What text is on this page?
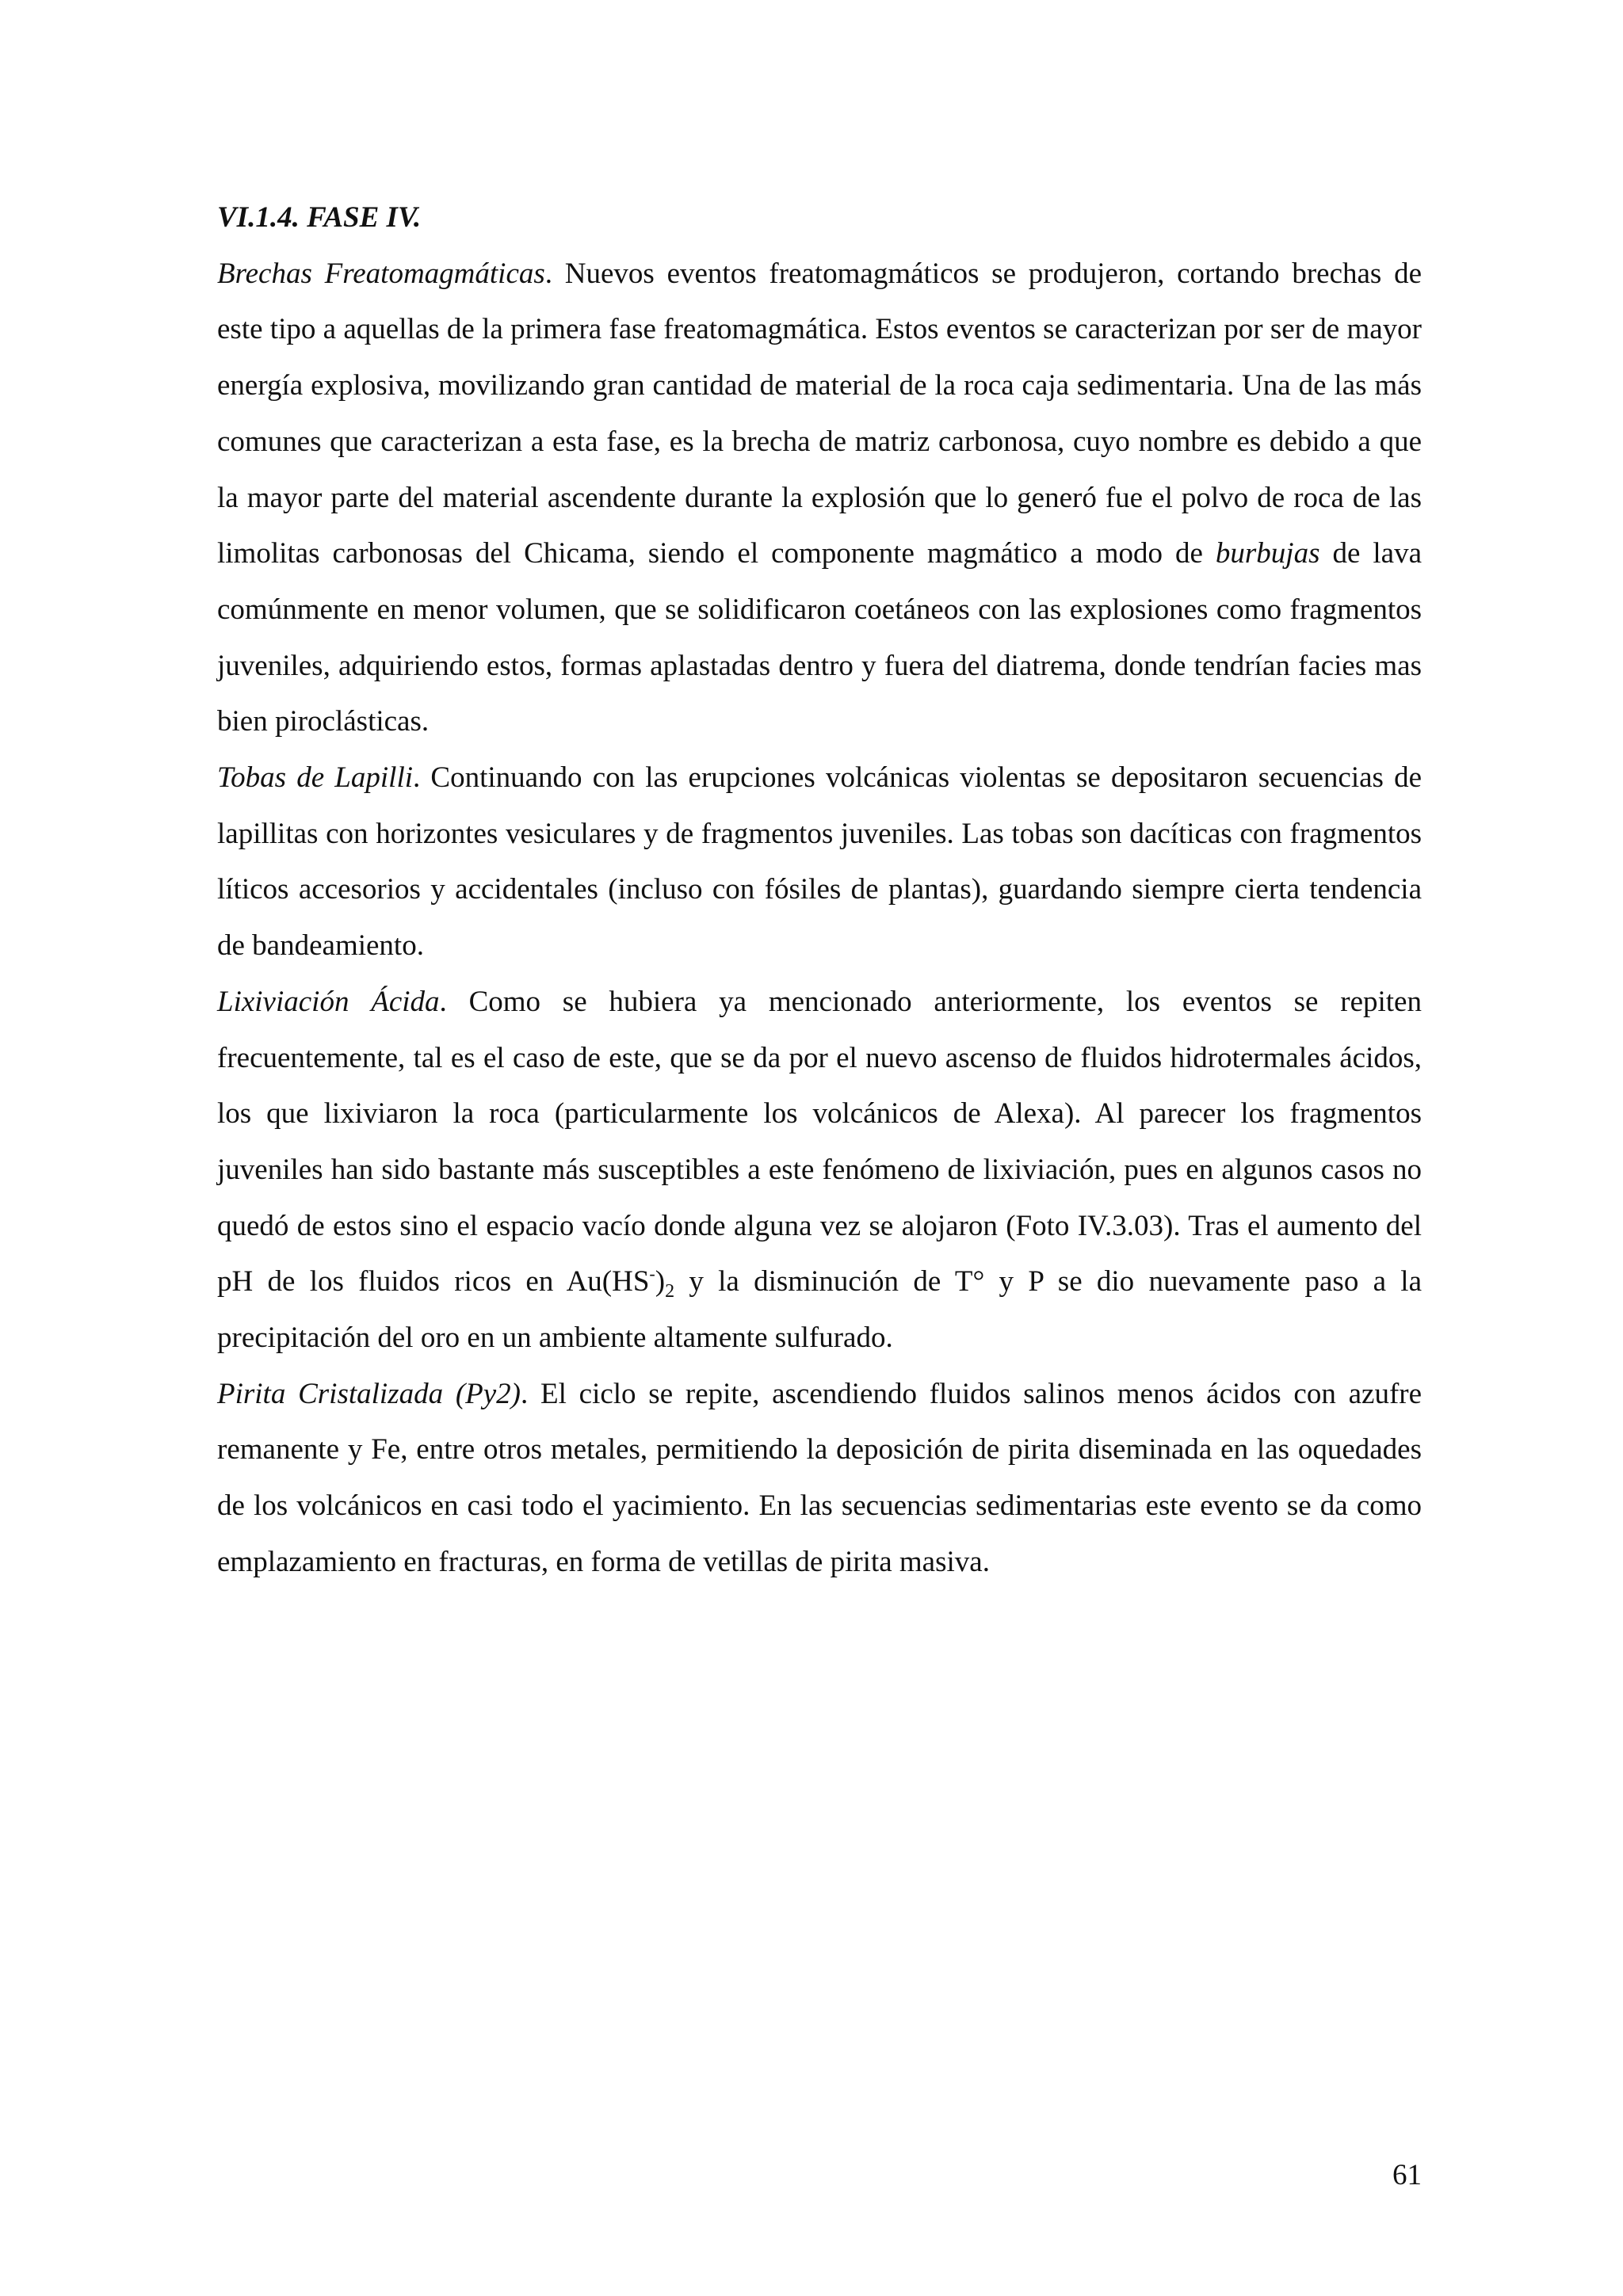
VI.1.4. FASE IV.

Brechas Freatomagmáticas. Nuevos eventos freatomagmáticos se produjeron, cortando brechas de este tipo a aquellas de la primera fase freatomagmática. Estos eventos se caracterizan por ser de mayor energía explosiva, movilizando gran cantidad de material de la roca caja sedimentaria. Una de las más comunes que caracterizan a esta fase, es la brecha de matriz carbonosa, cuyo nombre es debido a que la mayor parte del material ascendente durante la explosión que lo generó fue el polvo de roca de las limolitas carbonosas del Chicama, siendo el componente magmático a modo de burbujas de lava comúnmente en menor volumen, que se solidificaron coetáneos con las explosiones como fragmentos juveniles, adquiriendo estos, formas aplastadas dentro y fuera del diatrema, donde tendrían facies mas bien piroclásticas.

Tobas de Lapilli. Continuando con las erupciones volcánicas violentas se depositaron secuencias de lapillitas con horizontes vesiculares y de fragmentos juveniles. Las tobas son dacíticas con fragmentos líticos accesorios y accidentales (incluso con fósiles de plantas), guardando siempre cierta tendencia de bandeamiento.

Lixiviación Ácida. Como se hubiera ya mencionado anteriormente, los eventos se repiten frecuentemente, tal es el caso de este, que se da por el nuevo ascenso de fluidos hidrotermales ácidos, los que lixiviaron la roca (particularmente los volcánicos de Alexa). Al parecer los fragmentos juveniles han sido bastante más susceptibles a este fenómeno de lixiviación, pues en algunos casos no quedó de estos sino el espacio vacío donde alguna vez se alojaron (Foto IV.3.03). Tras el aumento del pH de los fluidos ricos en $Au(HS^-)_2$ y la disminución de T° y P se dio nuevamente paso a la precipitación del oro en un ambiente altamente sulfurado.

Pirita Cristalizada (Py2). El ciclo se repite, ascendiendo fluidos salinos menos ácidos con azufre remanente y Fe, entre otros metales, permitiendo la deposición de pirita diseminada en las oquedades de los volcánicos en casi todo el yacimiento. En las secuencias sedimentarias este evento se da como emplazamiento en fracturas, en forma de vetillas de pirita masiva.

61
